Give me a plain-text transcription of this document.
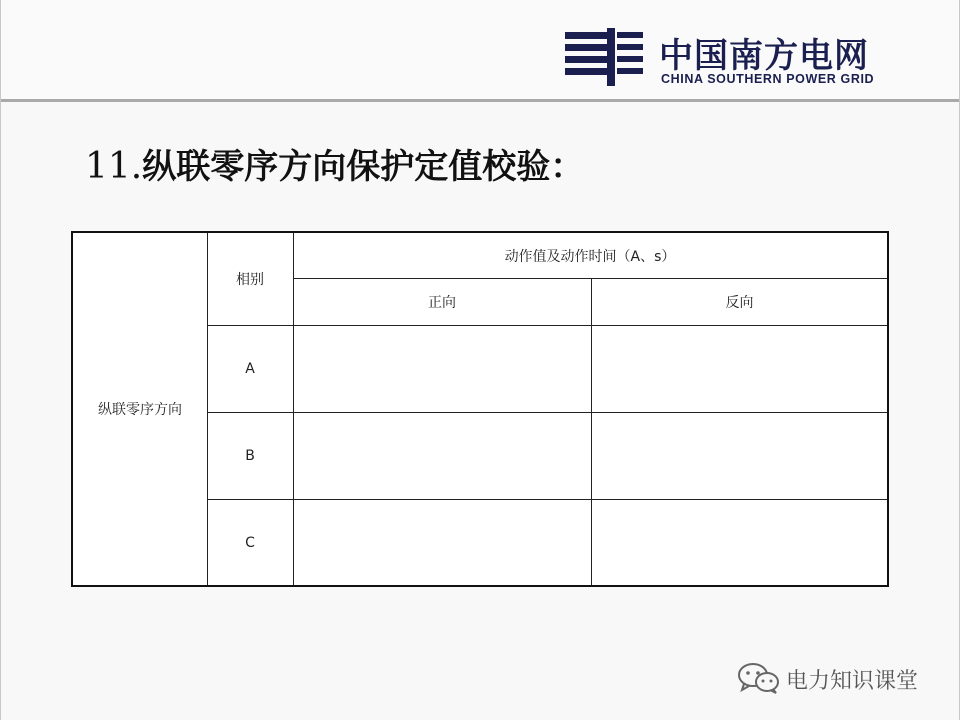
中国南方电网
CHINA SOUTHERN POWER GRID
11.纵联零序方向保护定值校验：
纵联零序方向
相别
动作值及动作时间（A、s）
正向	反向
A
B
C
电力知识课堂
